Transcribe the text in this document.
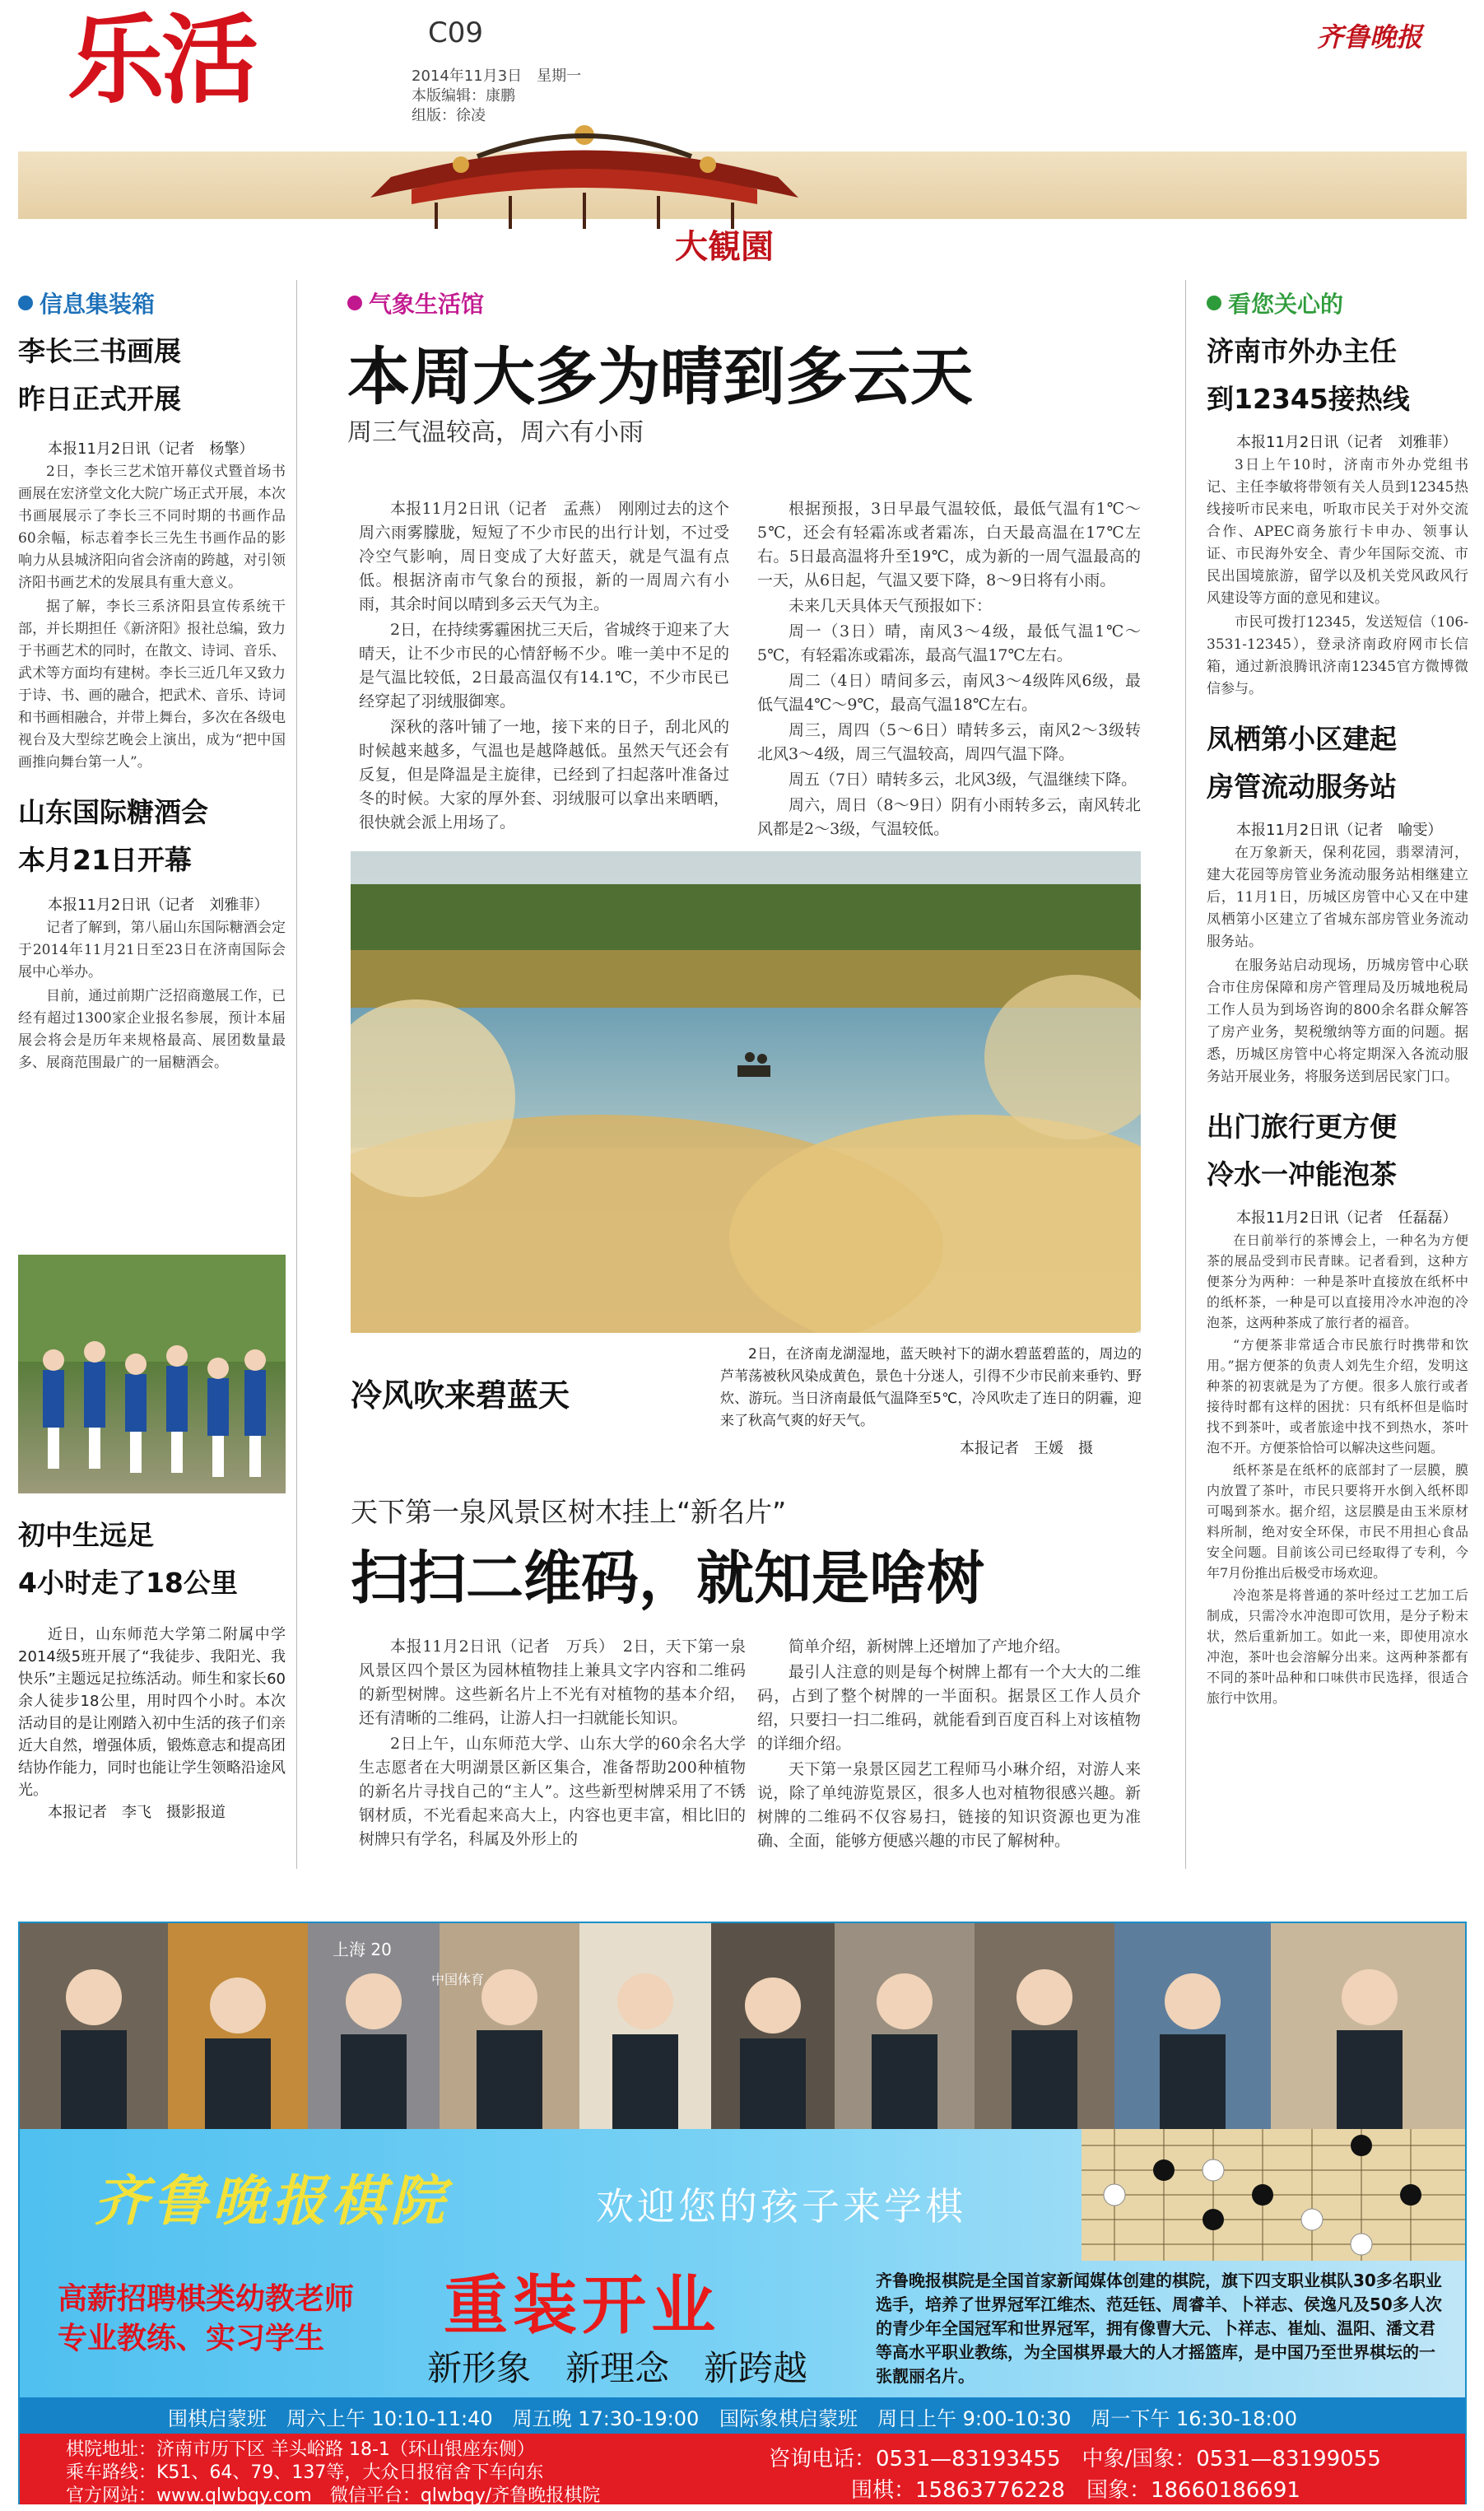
乐活	C09
2014年11月3日　星期一
本版编辑：康鹏
组版：徐凌
齐鲁晚报
大観園
信息集装箱
李长三书画展
昨日正式开展
本报11月2日讯（记者　杨擎）

2日，李长三艺术馆开幕仪式暨首场书画展在宏济堂文化大院广场正式开展，本次书画展展示了李长三不同时期的书画作品60余幅，标志着李长三先生书画作品的影响力从县城济阳向省会济南的跨越，对引领济阳书画艺术的发展具有重大意义。

据了解，李长三系济阳县宣传系统干部，并长期担任《新济阳》报社总编，致力于书画艺术的同时，在散文、诗词、音乐、武术等方面均有建树。李长三近几年又致力于诗、书、画的融合，把武术、音乐、诗词和书画相融合，并带上舞台，多次在各级电视台及大型综艺晚会上演出，成为“把中国画推向舞台第一人”。

山东国际糖酒会
本月21日开幕
本报11月2日讯（记者　刘雅菲）

记者了解到，第八届山东国际糖酒会定于2014年11月21日至23日在济南国际会展中心举办。

目前，通过前期广泛招商邀展工作，已经有超过1300家企业报名参展，预计本届展会将会是历年来规格最高、展团数量最多、展商范围最广的一届糖酒会。

初中生远足
4小时走了18公里

近日，山东师范大学第二附属中学2014级5班开展了“我徒步、我阳光、我快乐”主题远足拉练活动。师生和家长60余人徒步18公里，用时四个小时。本次活动目的是让刚踏入初中生活的孩子们亲近大自然，增强体质，锻炼意志和提高团结协作能力，同时也能让学生领略沿途风光。

本报记者　李飞　摄影报道
气象生活馆
本周大多为晴到多云天
周三气温较高，周六有小雨

本报11月2日讯（记者　孟燕）　刚刚过去的这个周六雨雾朦胧，短短了不少市民的出行计划，不过受冷空气影响，周日变成了大好蓝天，就是气温有点低。根据济南市气象台的预报，新的一周周六有小雨，其余时间以晴到多云天气为主。

2日，在持续雾霾困扰三天后，省城终于迎来了大晴天，让不少市民的心情舒畅不少。唯一美中不足的是气温比较低，2日最高温仅有14.1℃，不少市民已经穿起了羽绒服御寒。

深秋的落叶铺了一地，接下来的日子，刮北风的时候越来越多，气温也是越降越低。虽然天气还会有反复，但是降温是主旋律，已经到了扫起落叶准备过冬的时候。大家的厚外套、羽绒服可以拿出来晒晒，很快就会派上用场了。

根据预报，3日早最气温较低，最低气温有1℃～5℃，还会有轻霜冻或者霜冻，白天最高温在17℃左右。5日最高温将升至19℃，成为新的一周气温最高的一天，从6日起，气温又要下降，8～9日将有小雨。

未来几天具体天气预报如下：

周一（3日）晴，南风3～4级，最低气温1℃～5℃，有轻霜冻或霜冻，最高气温17℃左右。

周二（4日）晴间多云，南风3～4级阵风6级，最低气温4℃～9℃，最高气温18℃左右。

周三，周四（5～6日）晴转多云，南风2～3级转北风3～4级，周三气温较高，周四气温下降。

周五（7日）晴转多云，北风3级，气温继续下降。

周六，周日（8～9日）阴有小雨转多云，南风转北风都是2～3级，气温较低。

冷风吹来碧蓝天
2日，在济南龙湖湿地，蓝天映衬下的湖水碧蓝碧蓝的，周边的芦苇荡被秋风染成黄色，景色十分迷人，引得不少市民前来垂钓、野炊、游玩。当日济南最低气温降至5℃，冷风吹走了连日的阴霾，迎来了秋高气爽的好天气。
本报记者　王媛　摄
天下第一泉风景区树木挂上“新名片”
扫扫二维码，就知是啥树

本报11月2日讯（记者　万兵）　2日，天下第一泉风景区四个景区为园林植物挂上兼具文字内容和二维码的新型树牌。这些新名片上不光有对植物的基本介绍，还有清晰的二维码，让游人扫一扫就能长知识。

2日上午，山东师范大学、山东大学的60余名大学生志愿者在大明湖景区新区集合，准备帮助200种植物的新名片寻找自己的“主人”。这些新型树牌采用了不锈钢材质，不光看起来高大上，内容也更丰富，相比旧的树牌只有学名，科属及外形上的

简单介绍，新树牌上还增加了产地介绍。

最引人注意的则是每个树牌上都有一个大大的二维码，占到了整个树牌的一半面积。据景区工作人员介绍，只要扫一扫二维码，就能看到百度百科上对该植物的详细介绍。

天下第一泉景区园艺工程师马小琳介绍，对游人来说，除了单纯游览景区，很多人也对植物很感兴趣。新树牌的二维码不仅容易扫，链接的知识资源也更为准确、全面，能够方便感兴趣的市民了解树种。

看您关心的
济南市外办主任
到12345接热线
本报11月2日讯（记者　刘雅菲）

3日上午10时，济南市外办党组书记、主任李敏将带领有关人员到12345热线接听市民来电，听取市民关于对外交流合作、APEC商务旅行卡申办、领事认证、市民海外安全、青少年国际交流、市民出国境旅游，留学以及机关党风政风行风建设等方面的意见和建议。

市民可拨打12345，发送短信（106-3531-12345），登录济南政府网市长信箱，通过新浪腾讯济南12345官方微博微信参与。

凤栖第小区建起
房管流动服务站
本报11月2日讯（记者　喻雯）

在万象新天，保利花园，翡翠清河，建大花园等房管业务流动服务站相继建立后，11月1日，历城区房管中心又在中建凤栖第小区建立了省城东部房管业务流动服务站。

在服务站启动现场，历城房管中心联合市住房保障和房产管理局及历城地税局工作人员为到场咨询的800余名群众解答了房产业务，契税缴纳等方面的问题。据悉，历城区房管中心将定期深入各流动服务站开展业务，将服务送到居民家门口。

出门旅行更方便
冷水一冲能泡茶
本报11月2日讯（记者　任磊磊）

在日前举行的茶博会上，一种名为方便茶的展品受到市民青睐。记者看到，这种方便茶分为两种：一种是茶叶直接放在纸杯中的纸杯茶，一种是可以直接用冷水冲泡的冷泡茶，这两种茶成了旅行者的福音。

“方便茶非常适合市民旅行时携带和饮用。”据方便茶的负责人刘先生介绍，发明这种茶的初衷就是为了方便。很多人旅行或者接待时都有这样的困扰：只有纸杯但是临时找不到茶叶，或者旅途中找不到热水，茶叶泡不开。方便茶恰恰可以解决这些问题。

纸杯茶是在纸杯的底部封了一层膜，膜内放置了茶叶，市民只要将开水倒入纸杯即可喝到茶水。据介绍，这层膜是由玉米原材料所制，绝对安全环保，市民不用担心食品安全问题。目前该公司已经取得了专利，今年7月份推出后极受市场欢迎。

冷泡茶是将普通的茶叶经过工艺加工后制成，只需冷水冲泡即可饮用，是分子粉末状，然后重新加工。如此一来，即使用凉水冲泡，茶叶也会溶解分出来。这两种茶都有不同的茶叶品种和口味供市民选择，很适合旅行中饮用。

上海 20
中国体育
齐鲁晚报棋院	欢迎您的孩子来学棋
高薪招聘棋类幼教老师
专业教练、实习学生 重装开业
新形象　新理念　新跨越
齐鲁晚报棋院是全国首家新闻媒体创建的棋院，旗下四支职业棋队30多名职业选手，培养了世界冠军江维杰、范廷钰、周睿羊、卜祥志、侯逸凡及50多人次的青少年全国冠军和世界冠军，拥有像曹大元、卜祥志、崔灿、温阳、潘文君等高水平职业教练，为全国棋界最大的人才摇篮库，是中国乃至世界棋坛的一张靓丽名片。
围棋启蒙班　周六上午 10:10-11:40　周五晚 17:30-19:00 国际象棋启蒙班　周日上午 9:00-10:30　周一下午 16:30-18:00
棋院地址：济南市历下区 羊头峪路 18-1（环山银座东侧）
乘车路线：K51、64、79、137等，大众日报宿舍下车向东
官方网站：www.qlwbqy.com　微信平台：qlwbqy/齐鲁晚报棋院
咨询电话：0531—83193455　中象/国象：0531—83199055
围棋：15863776228　国象：18660186691
